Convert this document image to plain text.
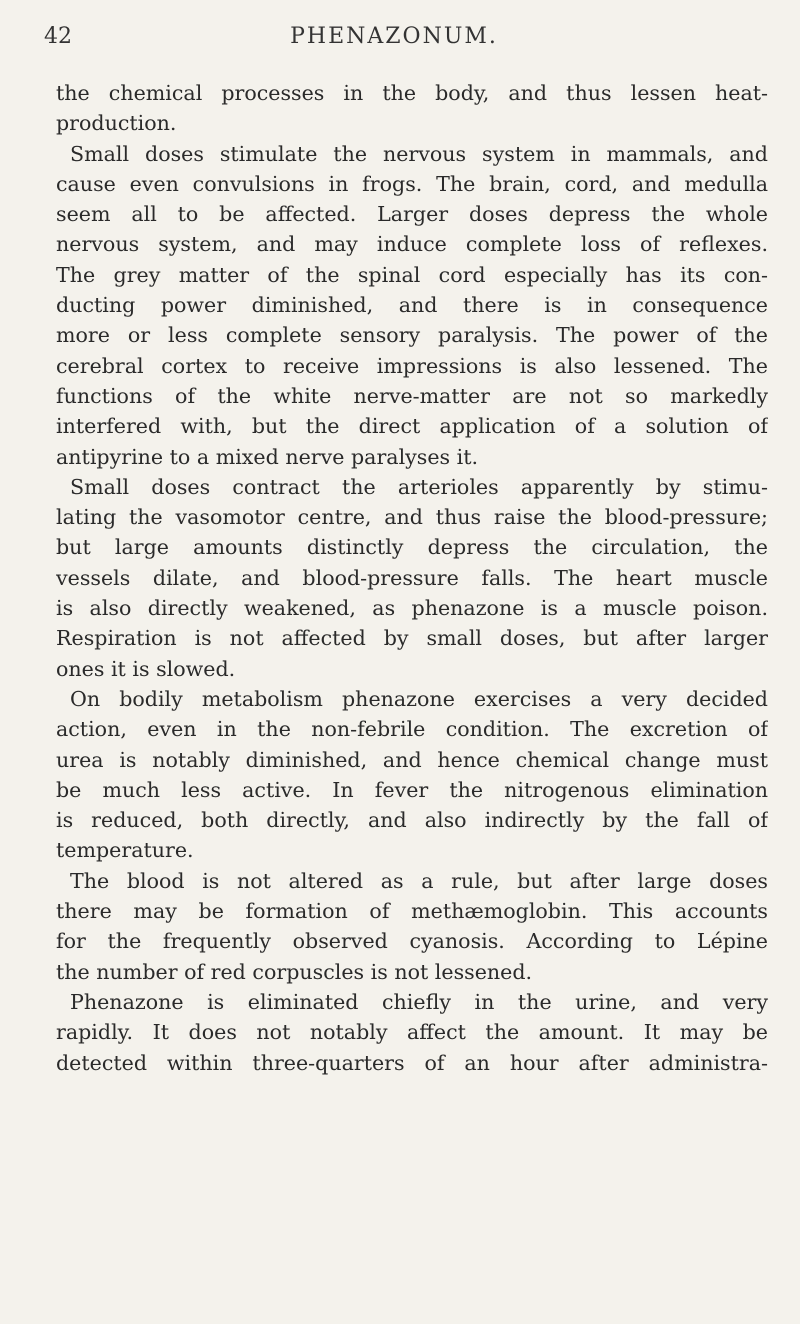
42	PHENAZONUM.
the chemical processes in the body, and thus lessen heat-
production.
Small doses stimulate the nervous system in mammals, and
cause even convulsions in frogs. The brain, cord, and medulla
seem all to be affected. Larger doses depress the whole
nervous system, and may induce complete loss of reflexes.
The grey matter of the spinal cord especially has its con-
ducting power diminished, and there is in consequence
more or less complete sensory paralysis. The power of the
cerebral cortex to receive impressions is also lessened. The
functions of the white nerve-matter are not so markedly
interfered with, but the direct application of a solution of
antipyrine to a mixed nerve paralyses it.
Small doses contract the arterioles apparently by stimu-
lating the vasomotor centre, and thus raise the blood-pressure;
but large amounts distinctly depress the circulation, the
vessels dilate, and blood-pressure falls. The heart muscle
is also directly weakened, as phenazone is a muscle poison.
Respiration is not affected by small doses, but after larger
ones it is slowed.
On bodily metabolism phenazone exercises a very decided
action, even in the non-febrile condition. The excretion of
urea is notably diminished, and hence chemical change must
be much less active. In fever the nitrogenous elimination
is reduced, both directly, and also indirectly by the fall of
temperature.
The blood is not altered as a rule, but after large doses
there may be formation of methæmoglobin. This accounts
for the frequently observed cyanosis. According to Lépine
the number of red corpuscles is not lessened.
Phenazone is eliminated chiefly in the urine, and very
rapidly. It does not notably affect the amount. It may be
detected within three-quarters of an hour after administra-
